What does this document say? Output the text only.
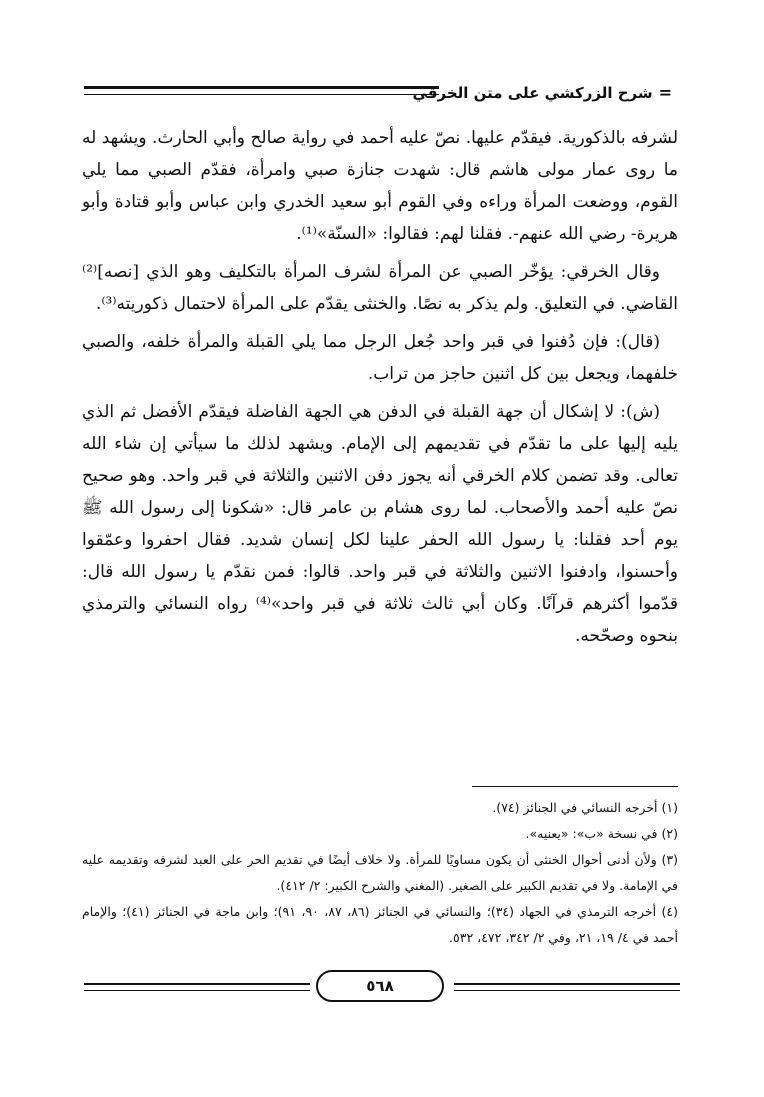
=
شرح الزركشي على متن الخرقي

لشرفه بالذكورية. فيقدّم عليها. نصّ عليه أحمد في رواية صالح وأبي الحارث. ويشهد له ما روى عمار مولى هاشم قال: شهدت جنازة صبي وامرأة، فقدّم الصبي مما يلي القوم، ووضعت المرأة وراءه وفي القوم أبو سعيد الخدري وابن عباس وأبو قتادة وأبو هريرة- رضي الله عنهم-. فقلنا لهم: فقالوا: «السنّة»⁽¹⁾.

وقال الخرقي: يؤخّر الصبي عن المرأة لشرف المرأة بالتكليف وهو الذي [نصه]⁽²⁾ القاضي. في التعليق. ولم يذكر به نصًا. والخنثى يقدّم على المرأة لاحتمال ذكوريته⁽³⁾.

(قال): فإن دُفنوا في قبر واحد جُعل الرجل مما يلي القبلة والمرأة خلفه، والصبي خلفهما، ويجعل بين كل اثنين حاجز من تراب.

(ش): لا إشكال أن جهة القبلة في الدفن هي الجهة الفاضلة فيقدّم الأفضل ثم الذي يليه إليها على ما تقدّم في تقديمهم إلى الإمام. ويشهد لذلك ما سيأتي إن شاء الله تعالى. وقد تضمن كلام الخرقي أنه يجوز دفن الاثنين والثلاثة في قبر واحد. وهو صحيح نصّ عليه أحمد والأصحاب. لما روى هشام بن عامر قال: «شكونا إلى رسول الله ﷺ يوم أحد فقلنا: يا رسول الله الحفر علينا لكل إنسان شديد. فقال احفروا وعمّقوا وأحسنوا، وادفنوا الاثنين والثلاثة في قبر واحد. قالوا: فمن نقدّم يا رسول الله قال: قدّموا أكثرهم قرآنًا. وكان أبي ثالث ثلاثة في قبر واحد»⁽⁴⁾ رواه النسائي والترمذي بنحوه وصحّحه.

(١) أخرجه النسائي في الجنائز (٧٤).

(٢) في نسخة «ب»: «يعنيه».

(٣) ولأن أدنى أحوال الخنثى أن يكون مساويًا للمرأة. ولا خلاف أيضًا في تقديم الحر على العبد لشرفه وتقديمه عليه في الإمامة. ولا في تقديم الكبير على الصغير. (المغني والشرح الكبير: ٢/ ٤١٢).

(٤) أخرجه الترمذي في الجهاد (٣٤)؛ والنسائي في الجنائز (٨٦، ٨٧، ٩٠، ٩١)؛ وابن ماجة في الجنائز (٤١)؛ والإمام أحمد في ٤/ ١٩، ٢١، وفي ٢/ ٣٤٢، ٤٧٢، ٥٣٢.

٥٦٨
